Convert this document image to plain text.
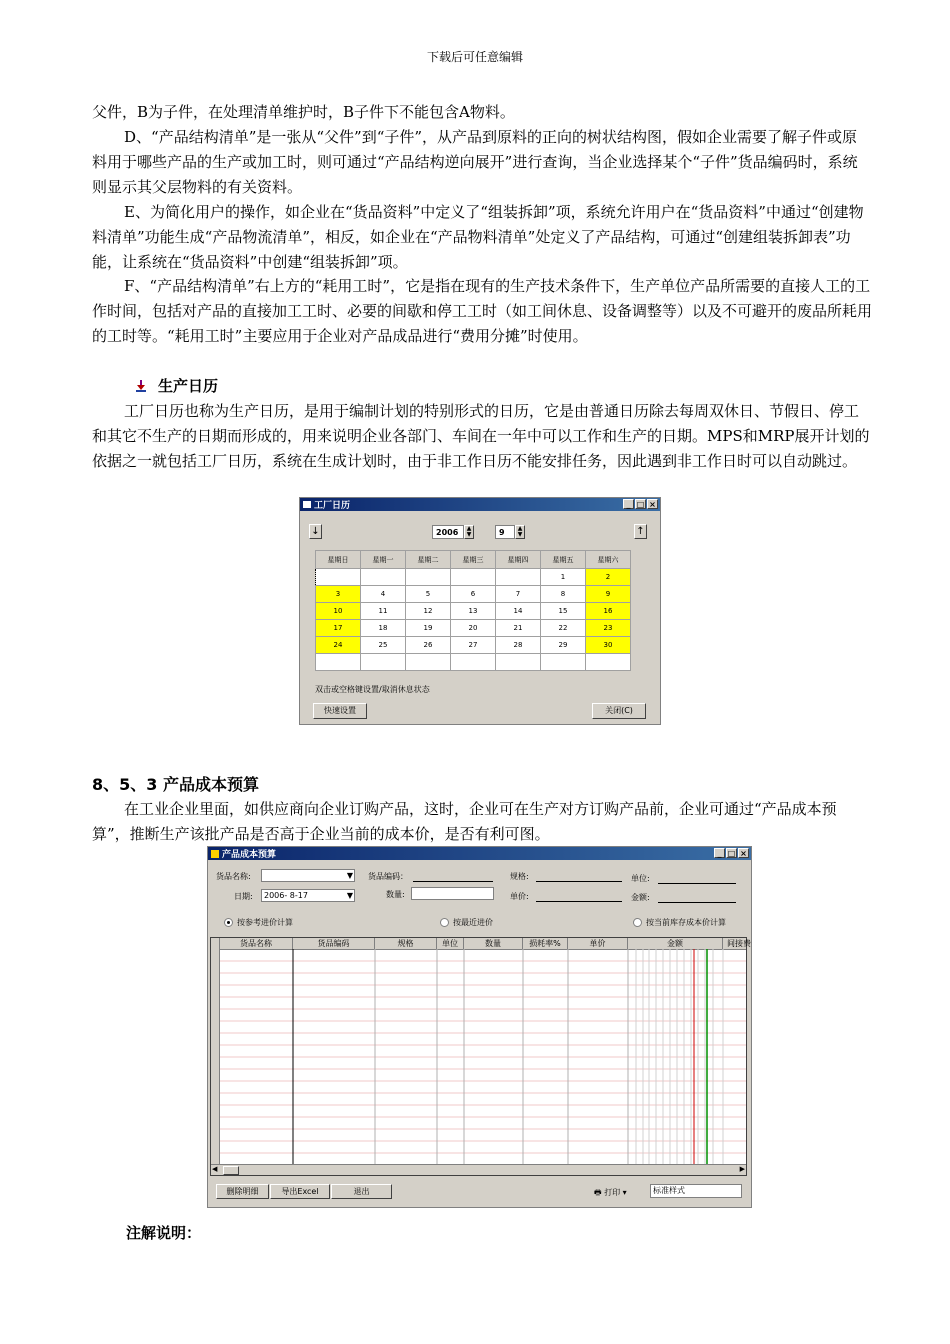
下载后可任意编辑

父件，B为子件，在处理清单维护时，B子件下不能包含A物料。

D、“产品结构清单”是一张从“父件”到“子件”，从产品到原料的正向的树状结构图，假如企业需要了解子件或原料用于哪些产品的生产或加工时，则可通过“产品结构逆向展开”进行查询，当企业选择某个“子件”货品编码时，系统则显示其父层物料的有关资料。

E、为简化用户的操作，如企业在“货品资料”中定义了“组装拆卸”项，系统允许用户在“货品资料”中通过“创建物料清单”功能生成“产品物流清单”，相反，如企业在“产品物料清单”处定义了产品结构，可通过“创建组装拆卸表”功能，让系统在“货品资料”中创建“组装拆卸”项。

F、“产品结构清单”右上方的“耗用工时”，它是指在现有的生产技术条件下，生产单位产品所需要的直接人工的工作时间，包括对产品的直接加工工时、必要的间歇和停工工时（如工间休息、设备调整等）以及不可避开的废品所耗用的工时等。“耗用工时”主要应用于企业对产品成品进行“费用分摊”时使用。

生产日历

工厂日历也称为生产日历，是用于编制计划的特别形式的日历，它是由普通日历除去每周双休日、节假日、停工和其它不生产的日期而形成的，用来说明企业各部门、车间在一年中可以工作和生产的日期。MPS和MRP展开计划的依据之一就包括工厂日历，系统在生成计划时，由于非工作日历不能安排任务，因此遇到非工作日时可以自动跳过。

工厂日历	_ □ ×
↓	2006	▲
▼	9	▲
▼	↑
星期日	星期一	星期二	星期三	星期四	星期五	星期六
					1	2
3	4	5	6	7	8	9
10	11	12	13	14	15	16
17	18	19	20	21	22	23
24	25	26	27	28	29	30

双击或空格键设置/取消休息状态
快速设置	关闭(C)
8、5、3 产品成本预算

在工业企业里面，如供应商向企业订购产品，这时，企业可在生产对方订购产品前，企业可通过“产品成本预算”，推断生产该批产品是否高于企业当前的成本价，是否有利可图。

产品成本预算	_ □ ×
货品名称:	▼ 货品编码：	规格:	单位:
日期:	2006- 8-17	▼	数量:	单价:	金额:
按参考进价计算	按最近进价	按当前库存成本价计算
货品名称	货品编码	规格	单位	数量	损耗率%	单价	金额	间接费
◀	▶
删除明细	导出Excel	退出	🖶 打印 ▾	标准样式
注解说明：
